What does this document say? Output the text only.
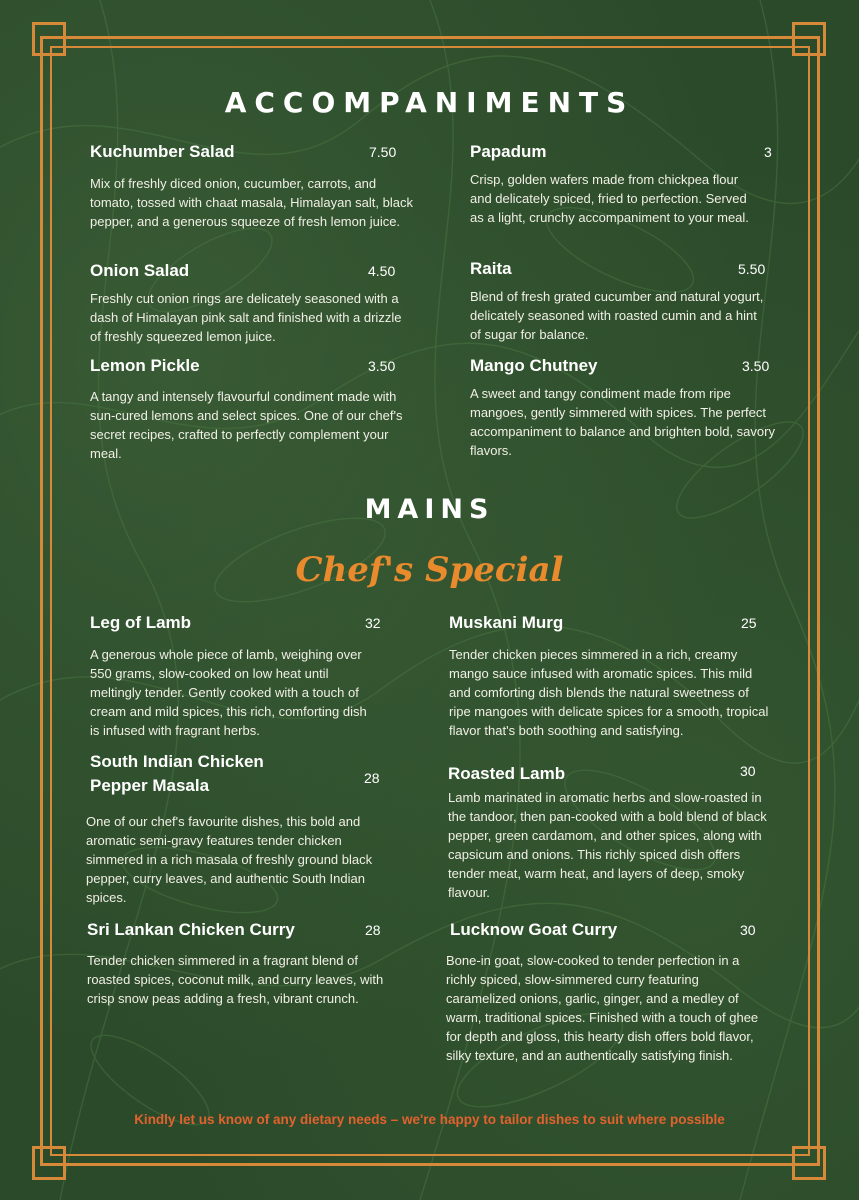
ACCOMPANIMENTS
Kuchumber Salad	7.50
Mix of freshly diced onion, cucumber, carrots, and tomato, tossed with chaat masala, Himalayan salt, black pepper, and a generous squeeze of fresh lemon juice.
Papadum	3
Crisp, golden wafers made from chickpea flour and delicately spiced, fried to perfection. Served as a light, crunchy accompaniment to your meal.
Onion Salad	4.50
Freshly cut onion rings are delicately seasoned with a dash of Himalayan pink salt and finished with a drizzle of freshly squeezed lemon juice.
Raita	5.50
Blend of fresh grated cucumber and natural yogurt, delicately seasoned with roasted cumin and a hint of sugar for balance.
Lemon Pickle	3.50
A tangy and intensely flavourful condiment made with sun-cured lemons and select spices. One of our chef's secret recipes, crafted to perfectly complement your meal.
Mango Chutney	3.50
A sweet and tangy condiment made from ripe mangoes, gently simmered with spices. The perfect accompaniment to balance and brighten bold, savory flavors.
MAINS
Chef's Special
Leg of Lamb	32
A generous whole piece of lamb, weighing over 550 grams, slow-cooked on low heat until meltingly tender. Gently cooked with a touch of cream and mild spices, this rich, comforting dish is infused with fragrant herbs.
Muskani Murg	25
Tender chicken pieces simmered in a rich, creamy mango sauce infused with aromatic spices. This mild and comforting dish blends the natural sweetness of ripe mangoes with delicate spices for a smooth, tropical flavor that's both soothing and satisfying.
South Indian Chicken Pepper Masala	28
One of our chef's favourite dishes, this bold and aromatic semi-gravy features tender chicken simmered in a rich masala of freshly ground black pepper, curry leaves, and authentic South Indian spices.
Roasted Lamb	30
Lamb marinated in aromatic herbs and slow-roasted in the tandoor, then pan-cooked with a bold blend of black pepper, green cardamom, and other spices, along with capsicum and onions. This richly spiced dish offers tender meat, warm heat, and layers of deep, smoky flavour.
Sri Lankan Chicken Curry	28
Tender chicken simmered in a fragrant blend of roasted spices, coconut milk, and curry leaves, with crisp snow peas adding a fresh, vibrant crunch.
Lucknow Goat Curry	30
Bone-in goat, slow-cooked to tender perfection in a richly spiced, slow-simmered curry featuring caramelized onions, garlic, ginger, and a medley of warm, traditional spices. Finished with a touch of ghee for depth and gloss, this hearty dish offers bold flavor, silky texture, and an authentically satisfying finish.
Kindly let us know of any dietary needs – we're happy to tailor dishes to suit where possible
